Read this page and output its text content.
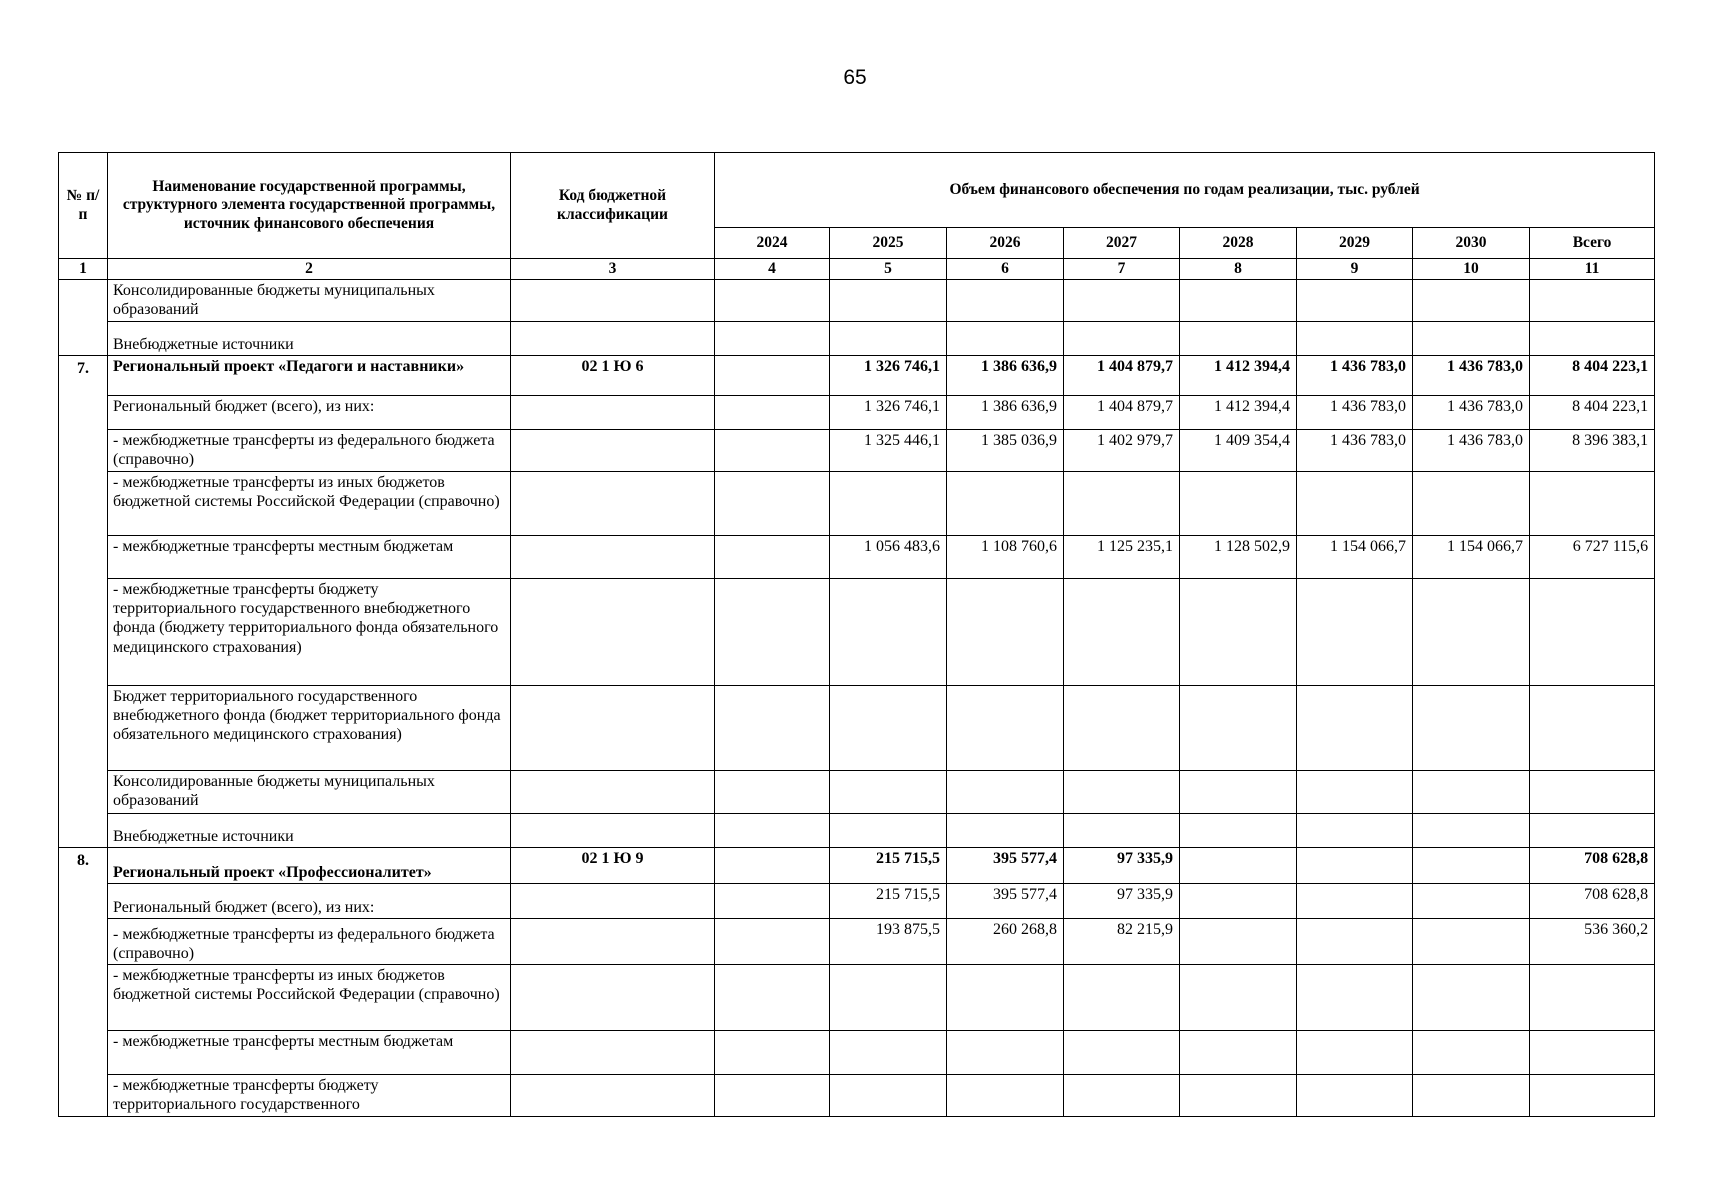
65
№ п/п	Наименование государственной программы, структурного элемента государственной программы, источник финансового обеспечения	Код бюджетной классификации	Объем финансового обеспечения по годам реализации, тыс. рублей							
			2024	2025	2026	2027	2028	2029	2030	Всего
1	2	3	4	5	6	7	8	9	10	11
	Консолидированные бюджеты муниципальных образований									
	Внебюджетные источники									
7.	Региональный проект «Педагоги и наставники»	02 1 Ю 6		1 326 746,1	1 386 636,9	1 404 879,7	1 412 394,4	1 436 783,0	1 436 783,0	8 404 223,1
	Региональный бюджет (всего), из них:			1 326 746,1	1 386 636,9	1 404 879,7	1 412 394,4	1 436 783,0	1 436 783,0	8 404 223,1
	- межбюджетные трансферты из федерального бюджета (справочно)			1 325 446,1	1 385 036,9	1 402 979,7	1 409 354,4	1 436 783,0	1 436 783,0	8 396 383,1
	- межбюджетные трансферты из иных бюджетов бюджетной системы Российской Федерации (справочно)									
	- межбюджетные трансферты местным бюджетам			1 056 483,6	1 108 760,6	1 125 235,1	1 128 502,9	1 154 066,7	1 154 066,7	6 727 115,6
	- межбюджетные трансферты бюджету территориального государственного внебюджетного фонда (бюджету территориального фонда обязательного медицинского страхования)									
	Бюджет территориального государственного внебюджетного фонда (бюджет территориального фонда обязательного медицинского страхования)									
	Консолидированные бюджеты муниципальных образований									
	Внебюджетные источники									
8.	Региональный проект «Профессионалитет»	02 1 Ю 9		215 715,5	395 577,4	97 335,9				708 628,8
	Региональный бюджет (всего), из них:			215 715,5	395 577,4	97 335,9				708 628,8
	- межбюджетные трансферты из федерального бюджета (справочно)			193 875,5	260 268,8	82 215,9				536 360,2
	- межбюджетные трансферты из иных бюджетов бюджетной системы Российской Федерации (справочно)									
	- межбюджетные трансферты местным бюджетам									
	- межбюджетные трансферты бюджету территориального государственного									
